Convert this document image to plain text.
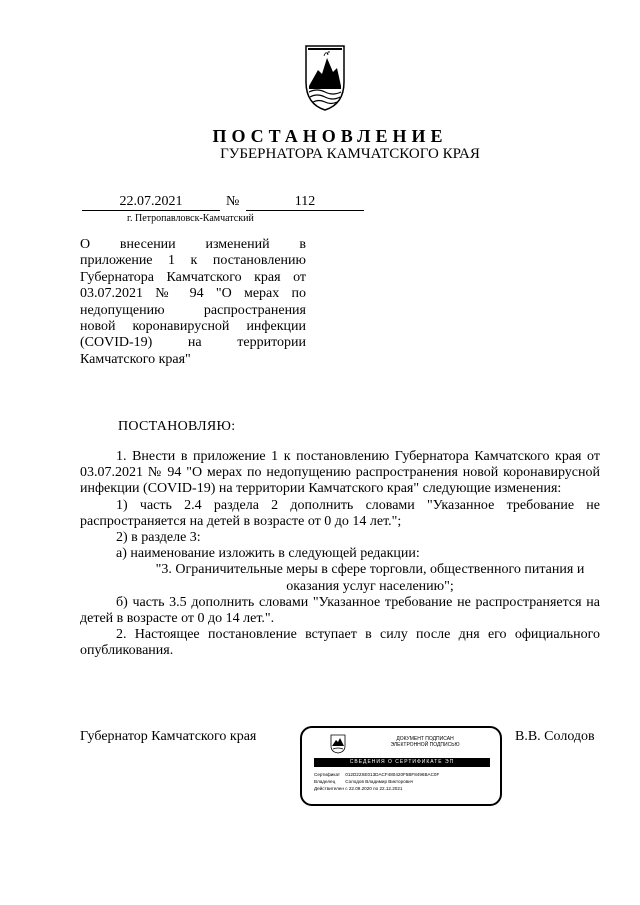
ПОСТАНОВЛЕНИЕ
ГУБЕРНАТОРА КАМЧАТСКОГО КРАЯ
22.07.2021	№	112
г. Петропавловск-Камчатский
О внесении изменений в
приложение 1 к постановлению
Губернатора Камчатского края от
03.07.2021 № 94 "О мерах по
недопущению распространения
новой коронавирусной инфекции
(COVID-19) на территории
Камчатского края"
ПОСТАНОВЛЯЮ:
1. Внести в приложение 1 к постановлению Губернатора Камчатского края от 03.07.2021 № 94 "О мерах по недопущению распространения новой коронавирусной инфекции (COVID-19) на территории Камчатского края" следующие изменения:
1) часть 2.4 раздела 2 дополнить словами "Указанное требование не распространяется на детей в возрасте от 0 до 14 лет.";
2) в разделе 3:
а) наименование изложить в следующей редакции:
"3. Ограничительные меры в сфере торговли, общественного питания и оказания услуг населению";
б) часть 3.5 дополнить словами "Указанное требование не распространяется на детей в возрасте от 0 до 14 лет.".
2. Настоящее постановление вступает в силу после дня его официального опубликования.
Губернатор Камчатского края	В.В. Солодов
ДОКУМЕНТ ПОДПИСАН
ЭЛЕКТРОННОЙ ПОДПИСЬЮ
СВЕДЕНИЯ О СЕРТИФИКАТЕ ЭП
Сертификат 012D22SE013DACF480420F5BF8496BAC0F
Владелец Солодов Владимир Викторович
Действителен с 22.09.2020 по 22.12.2021
